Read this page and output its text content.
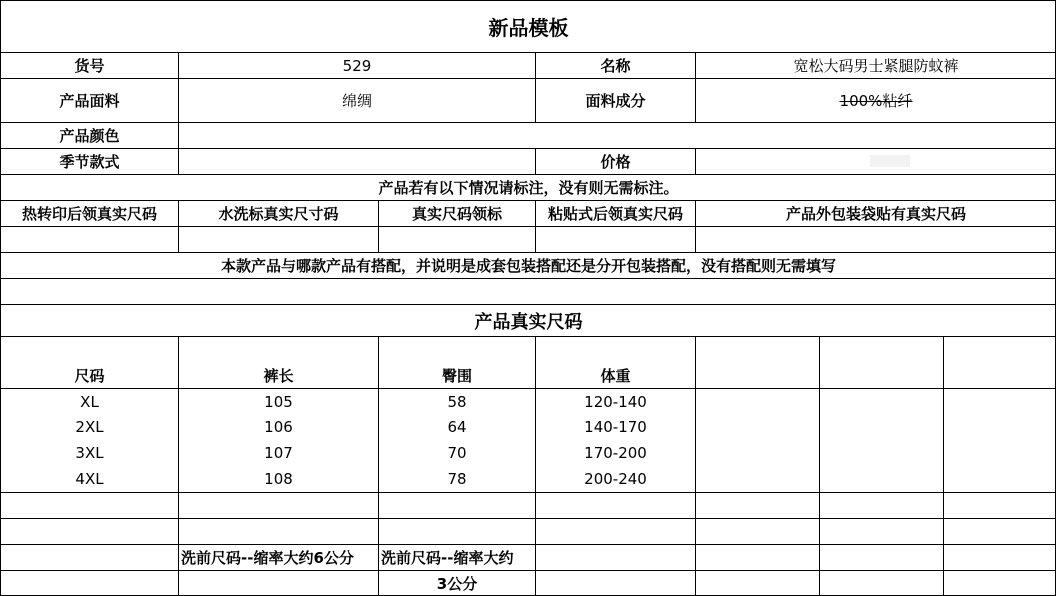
新品模板
货号	529	名称	宽松大码男士紧腿防蚊裤
产品面料	绵绸	面料成分	100%粘纤
产品颜色
季节款式	价格
产品若有以下情况请标注，没有则无需标注。
热转印后领真实尺码	水洗标真实尺寸码	真实尺码领标	粘贴式后领真实尺码	产品外包装袋贴有真实尺码
本款产品与哪款产品有搭配，并说明是成套包装搭配还是分开包装搭配，没有搭配则无需填写
产品真实尺码
尺码	裤长	臀围	体重
XL	105	58	120-140
2XL	106	64	140-170
3XL	107	70	170-200
4XL	108	78	200-240
洗前尺码--缩率大约6公分	洗前尺码--缩率大约
3公分
